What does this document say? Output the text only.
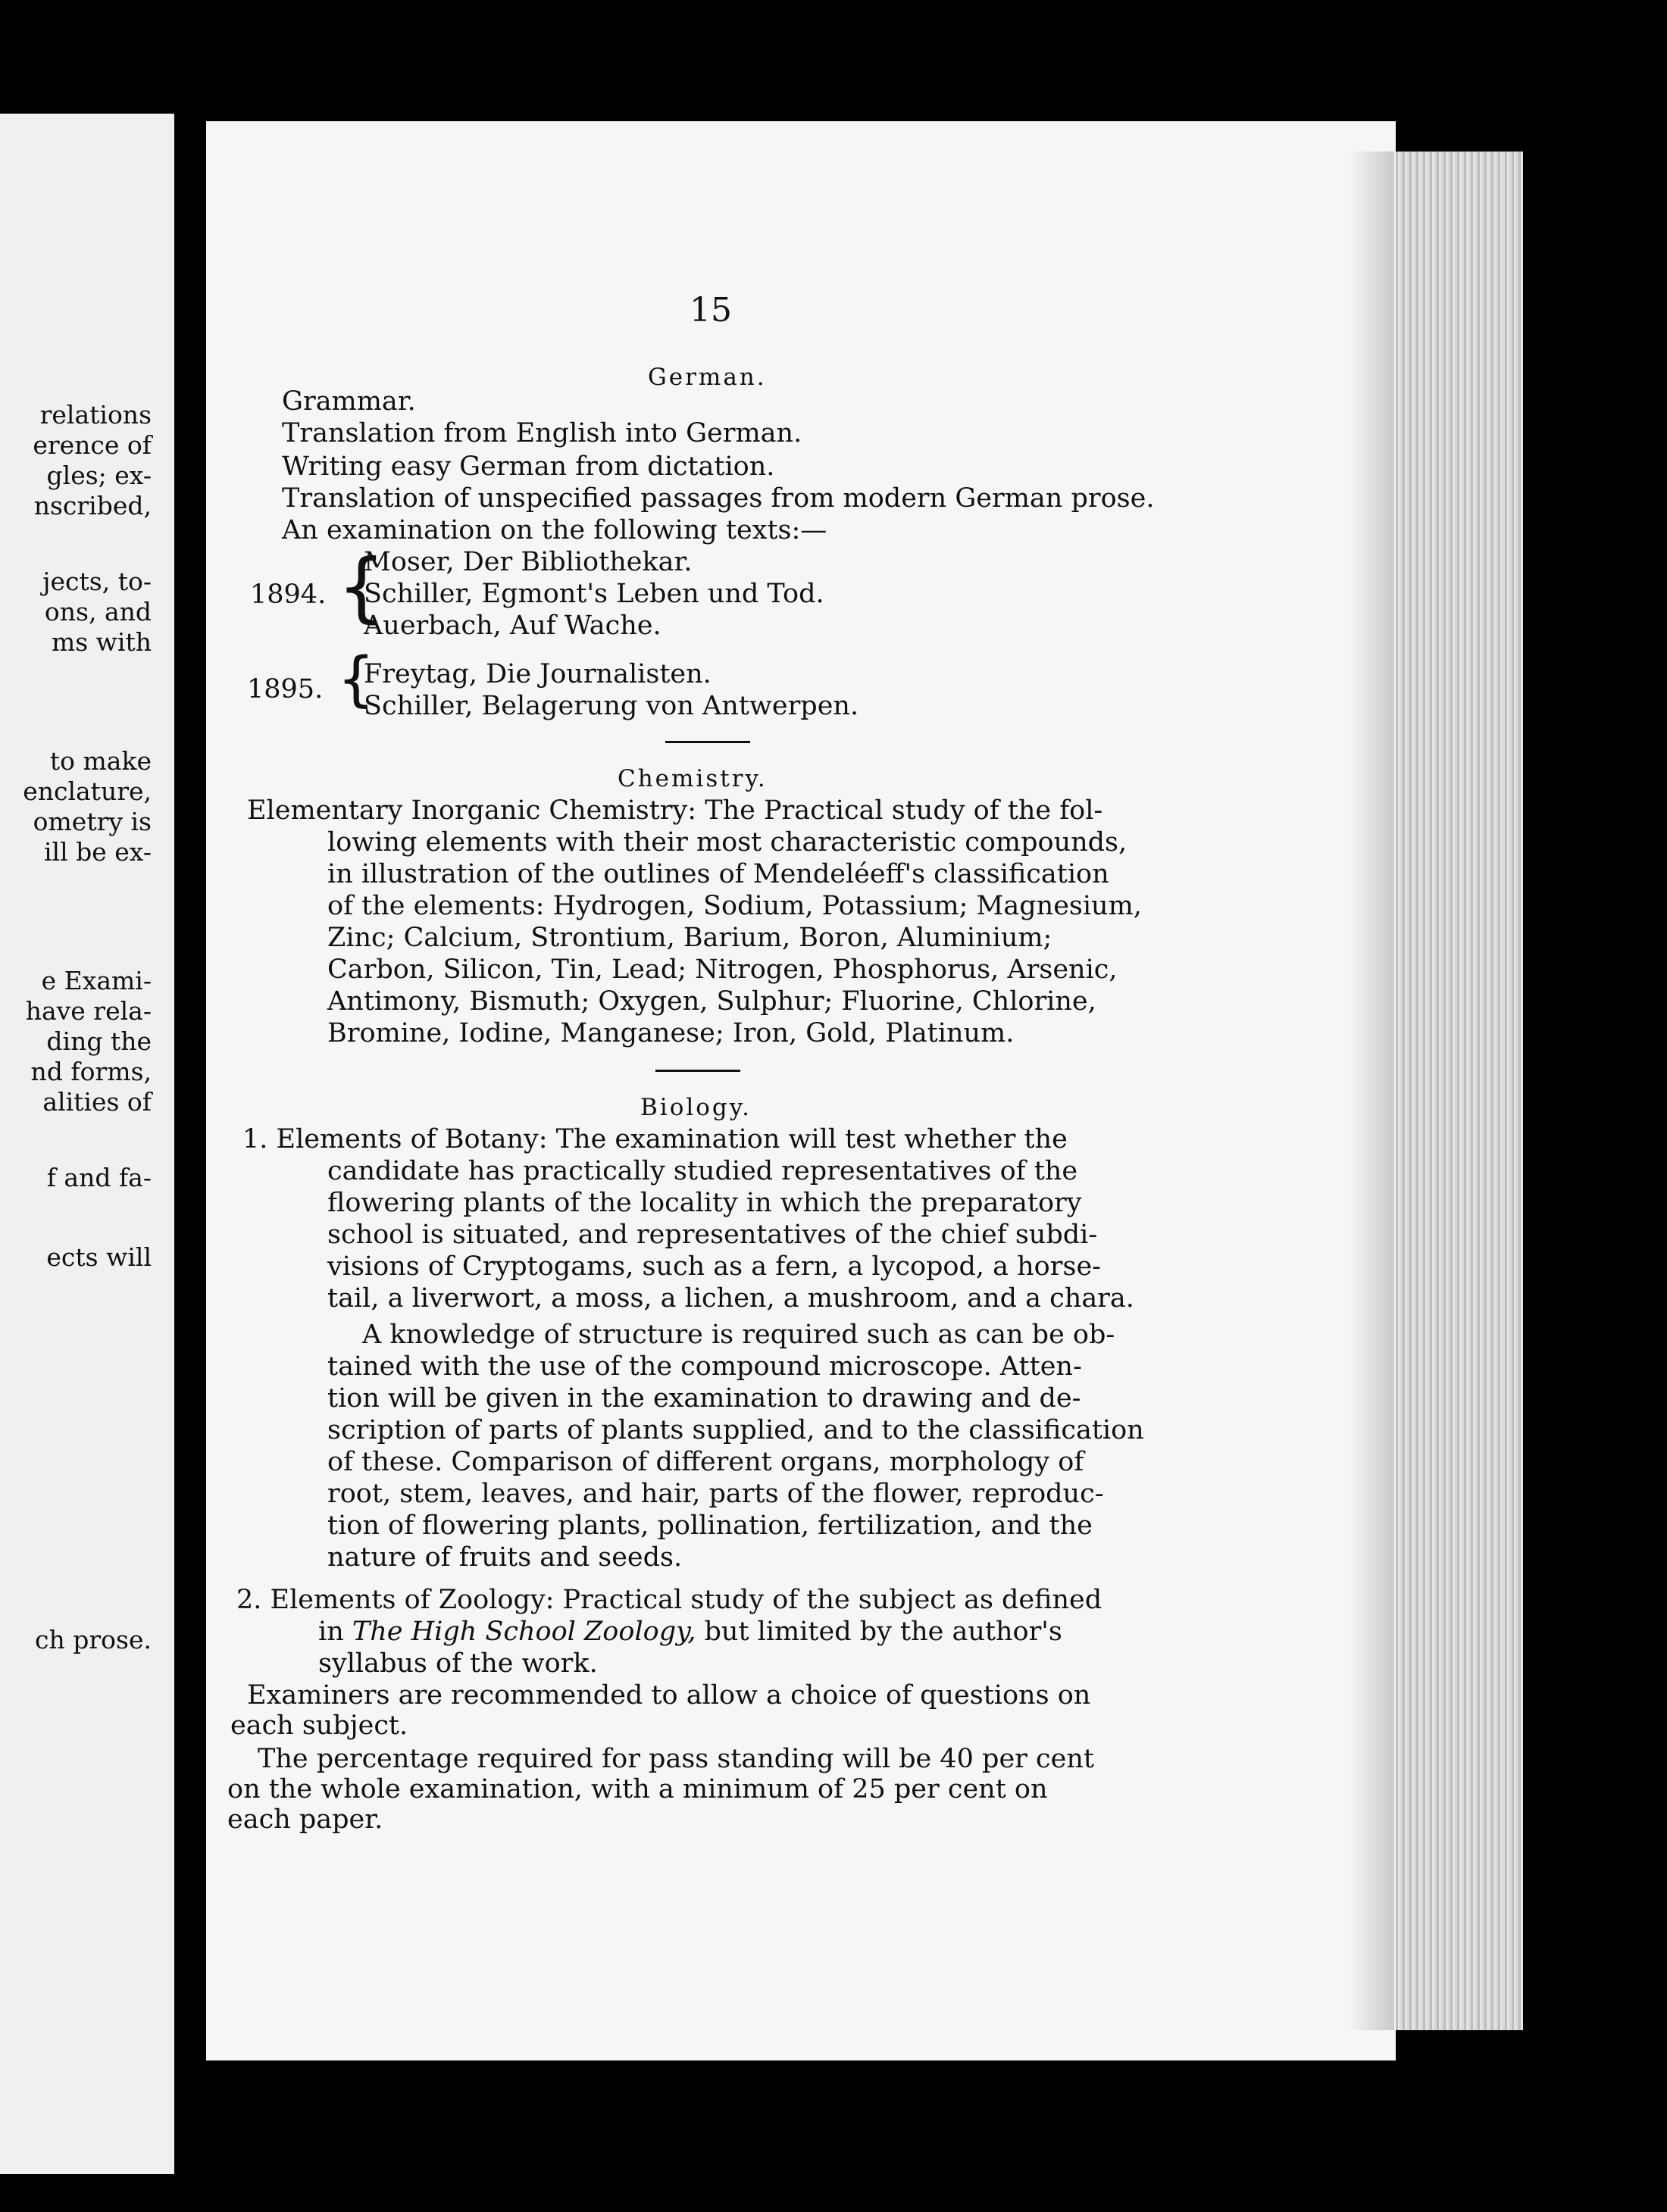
relations
erence of
gles; ex-
nscribed,
jects, to-
ons, and
ms with
to make
enclature,
ometry is
ill be ex-
e Exami-
have rela-
ding the
nd forms,
alities of
f and fa-
ects will
ch prose.
15
German.
Grammar.
Translation from English into German.
Writing easy German from dictation.
Translation of unspecified passages from modern German prose.
An examination on the following texts:—
1894. {
Moser, Der Bibliothekar.
Schiller, Egmont's Leben und Tod.
Auerbach, Auf Wache.
1895. {
Freytag, Die Journalisten.
Schiller, Belagerung von Antwerpen.
Chemistry.
Elementary Inorganic Chemistry: The Practical study of the fol-
lowing elements with their most characteristic compounds,
in illustration of the outlines of Mendeléeff's classification
of the elements: Hydrogen, Sodium, Potassium; Magnesium,
Zinc; Calcium, Strontium, Barium, Boron, Aluminium;
Carbon, Silicon, Tin, Lead; Nitrogen, Phosphorus, Arsenic,
Antimony, Bismuth; Oxygen, Sulphur; Fluorine, Chlorine,
Bromine, Iodine, Manganese; Iron, Gold, Platinum.
Biology.
1. Elements of Botany: The examination will test whether the
candidate has practically studied representatives of the
flowering plants of the locality in which the preparatory
school is situated, and representatives of the chief subdi-
visions of Cryptogams, such as a fern, a lycopod, a horse-
tail, a liverwort, a moss, a lichen, a mushroom, and a chara.
A knowledge of structure is required such as can be ob-
tained with the use of the compound microscope. Atten-
tion will be given in the examination to drawing and de-
scription of parts of plants supplied, and to the classification
of these. Comparison of different organs, morphology of
root, stem, leaves, and hair, parts of the flower, reproduc-
tion of flowering plants, pollination, fertilization, and the
nature of fruits and seeds.
2. Elements of Zoology: Practical study of the subject as defined
in The High School Zoology, but limited by the author's
syllabus of the work.
Examiners are recommended to allow a choice of questions on
each subject.
The percentage required for pass standing will be 40 per cent
on the whole examination, with a minimum of 25 per cent on
each paper.
